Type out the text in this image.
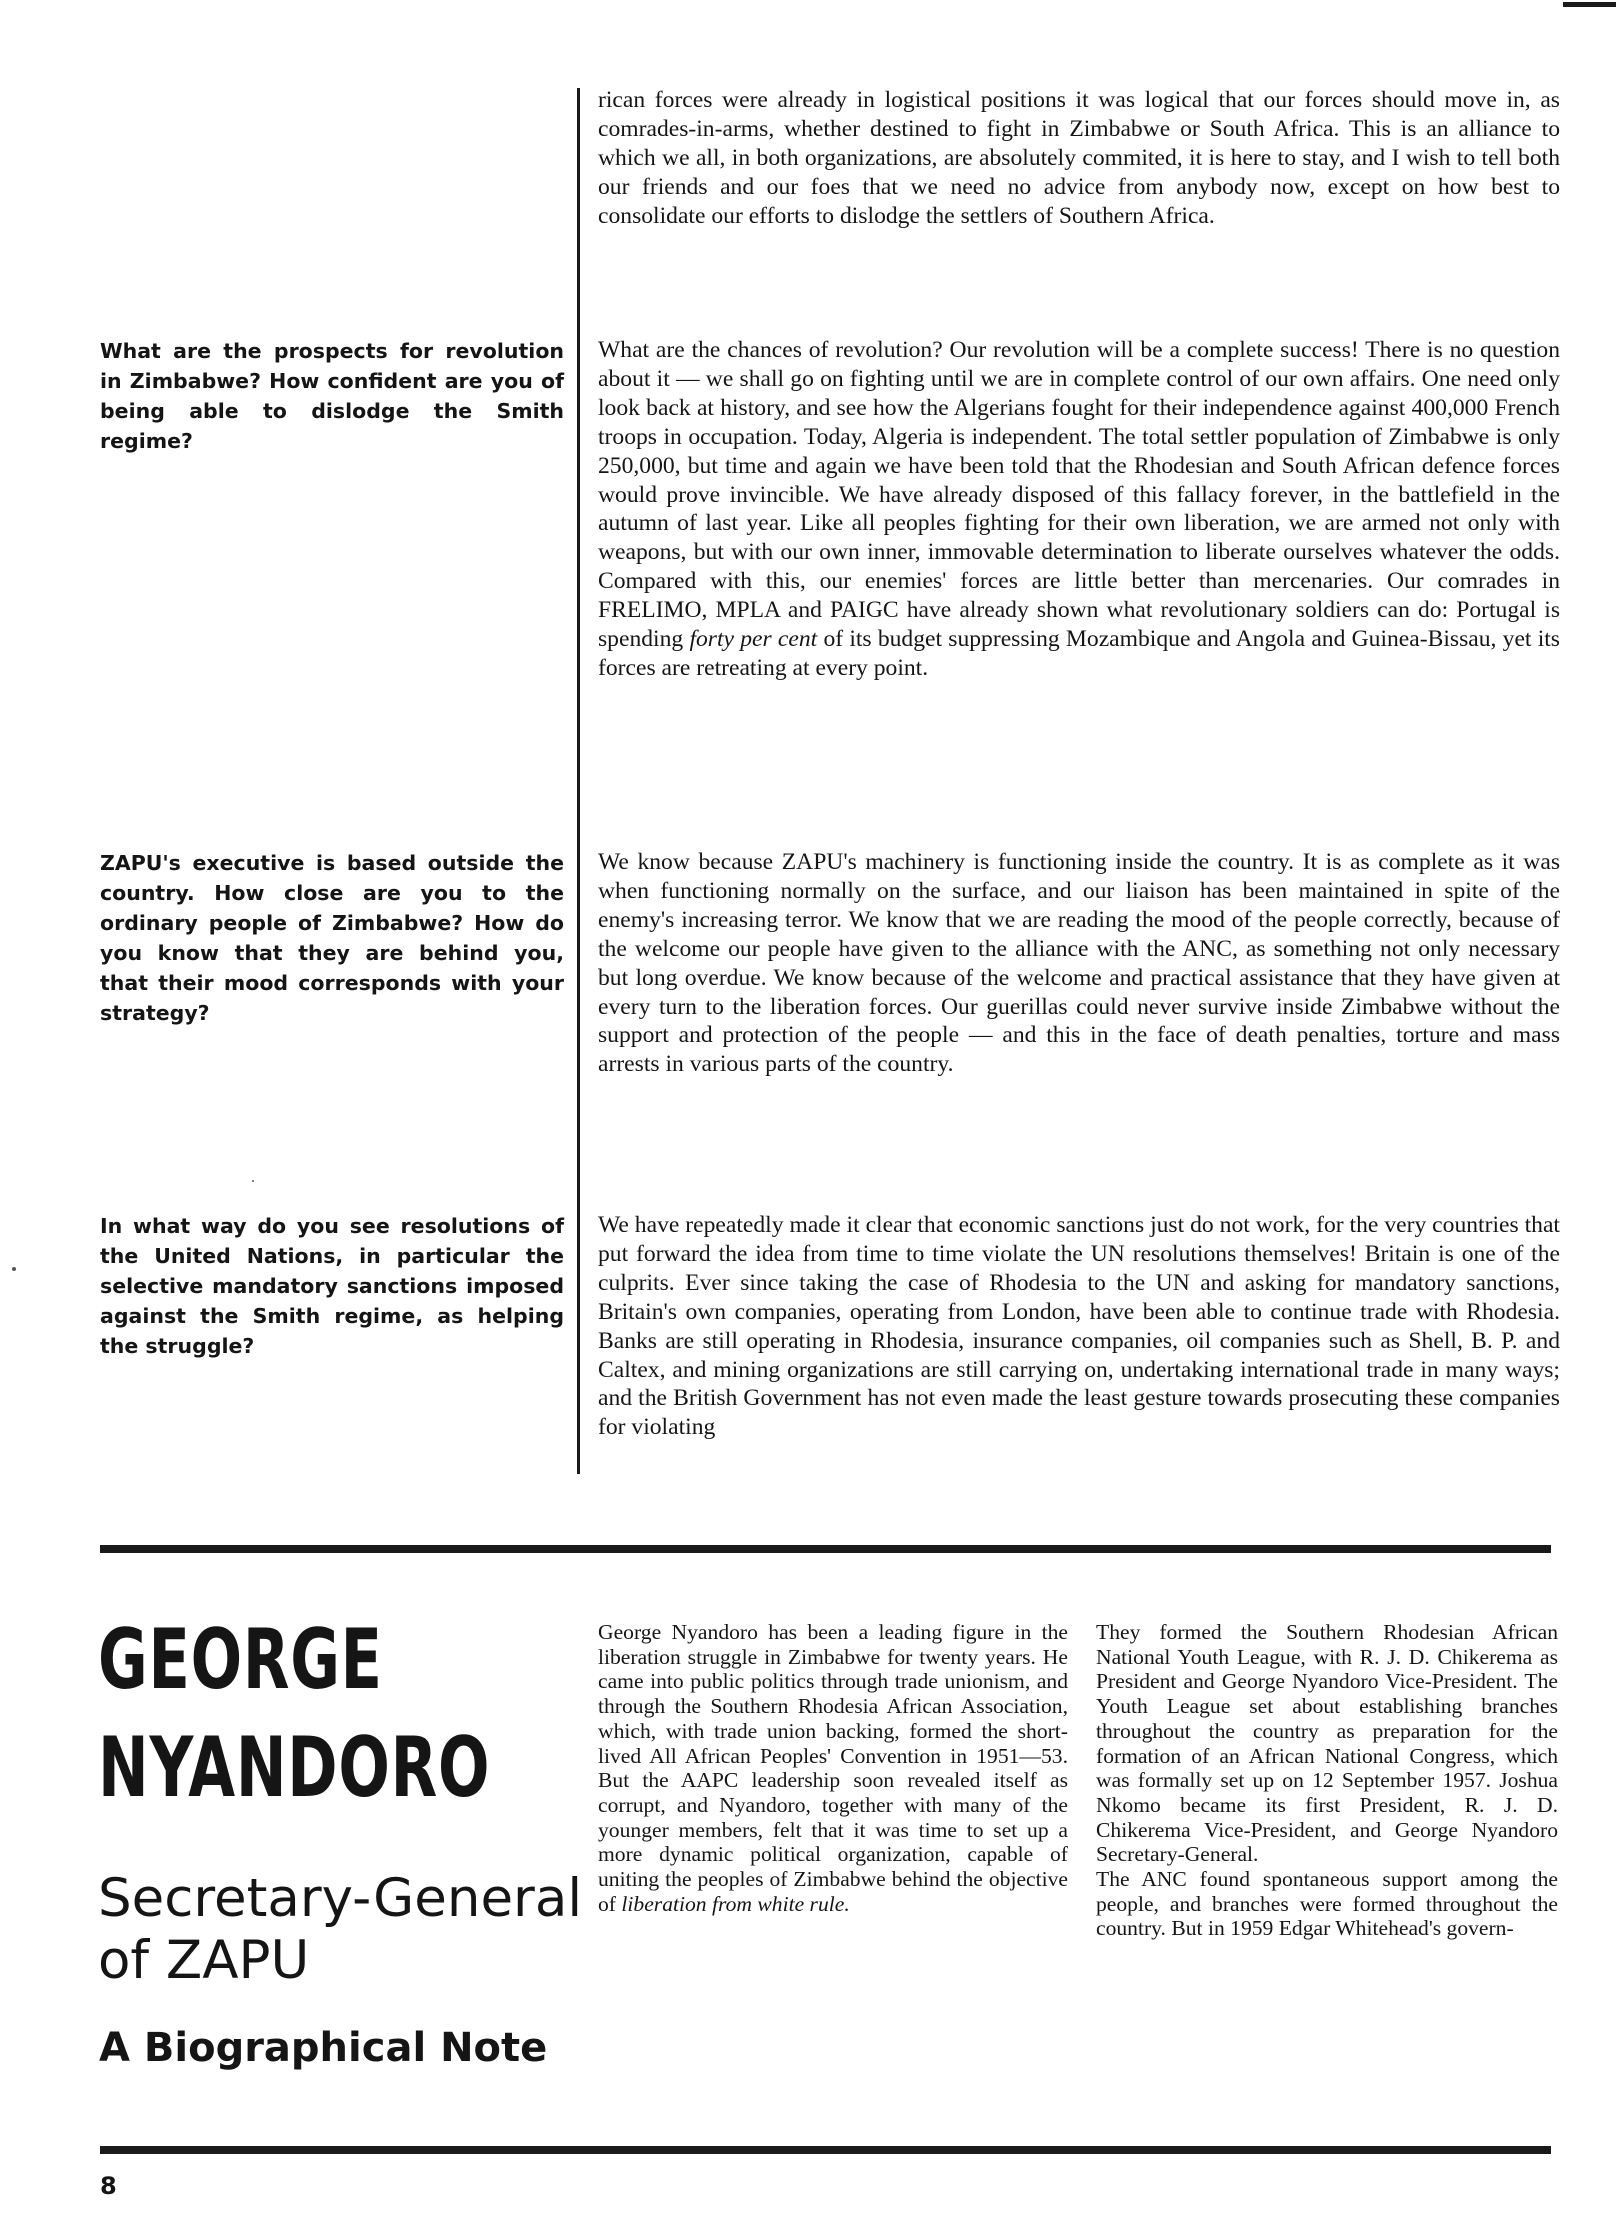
rican forces were already in logistical positions it was logical that our forces should move in, as comrades-in-arms, whether destined to fight in Zimbabwe or South Africa. This is an alliance to which we all, in both organizations, are absolutely commited, it is here to stay, and I wish to tell both our friends and our foes that we need no advice from anybody now, except on how best to consolidate our efforts to dislodge the settlers of Southern Africa.

What are the prospects for revolution in Zimbabwe? How confident are you of being able to dislodge the Smith regime?

What are the chances of revolution? Our revolution will be a complete success! There is no question about it — we shall go on fighting until we are in complete control of our own affairs. One need only look back at history, and see how the Algerians fought for their independence against 400,000 French troops in occupation. Today, Algeria is independent. The total settler population of Zimbabwe is only 250,000, but time and again we have been told that the Rhodesian and South African defence forces would prove invincible. We have already disposed of this fallacy forever, in the battlefield in the autumn of last year. Like all peoples fighting for their own liberation, we are armed not only with weapons, but with our own inner, immovable determination to liberate ourselves whatever the odds. Compared with this, our enemies' forces are little better than mercenaries. Our comrades in FRELIMO, MPLA and PAIGC have already shown what revolutionary soldiers can do: Portugal is spending forty per cent of its budget suppressing Mozambique and Angola and Guinea-Bissau, yet its forces are retreating at every point.

ZAPU's executive is based outside the country. How close are you to the ordinary people of Zimbabwe? How do you know that they are behind you, that their mood corresponds with your strategy?

We know because ZAPU's machinery is functioning inside the country. It is as complete as it was when functioning normally on the surface, and our liaison has been maintained in spite of the enemy's increasing terror. We know that we are reading the mood of the people correctly, because of the welcome our people have given to the alliance with the ANC, as something not only necessary but long overdue. We know because of the welcome and practical assistance that they have given at every turn to the liberation forces. Our guerillas could never survive inside Zimbabwe without the support and protection of the people — and this in the face of death penalties, torture and mass arrests in various parts of the country.

In what way do you see resolutions of the United Nations, in particular the selective mandatory sanctions imposed against the Smith regime, as helping the struggle?

We have repeatedly made it clear that economic sanctions just do not work, for the very countries that put forward the idea from time to time violate the UN resolutions themselves! Britain is one of the culprits. Ever since taking the case of Rhodesia to the UN and asking for mandatory sanctions, Britain's own companies, operating from London, have been able to continue trade with Rhodesia. Banks are still operating in Rhodesia, insurance companies, oil companies such as Shell, B. P. and Caltex, and mining organizations are still carrying on, undertaking international trade in many ways; and the British Government has not even made the least gesture towards prosecuting these companies for violating

GEORGE
NYANDORO
Secretary-General of ZAPU
A Biographical Note

George Nyandoro has been a leading figure in the liberation struggle in Zimbabwe for twenty years. He came into public politics through trade unionism, and through the Southern Rhodesia African Association, which, with trade union backing, formed the short-lived All African Peoples' Convention in 1951—53. But the AAPC leadership soon revealed itself as corrupt, and Nyandoro, together with many of the younger members, felt that it was time to set up a more dynamic political organization, capable of uniting the peoples of Zimbabwe behind the objective of liberation from white rule.

They formed the Southern Rhodesian African National Youth League, with R. J. D. Chikerema as President and George Nyandoro Vice-President. The Youth League set about establishing branches throughout the country as preparation for the formation of an African National Congress, which was formally set up on 12 September 1957. Joshua Nkomo became its first President, R. J. D. Chikerema Vice-President, and George Nyandoro Secretary-General.

The ANC found spontaneous support among the people, and branches were formed throughout the country. But in 1959 Edgar Whitehead's govern-

8
